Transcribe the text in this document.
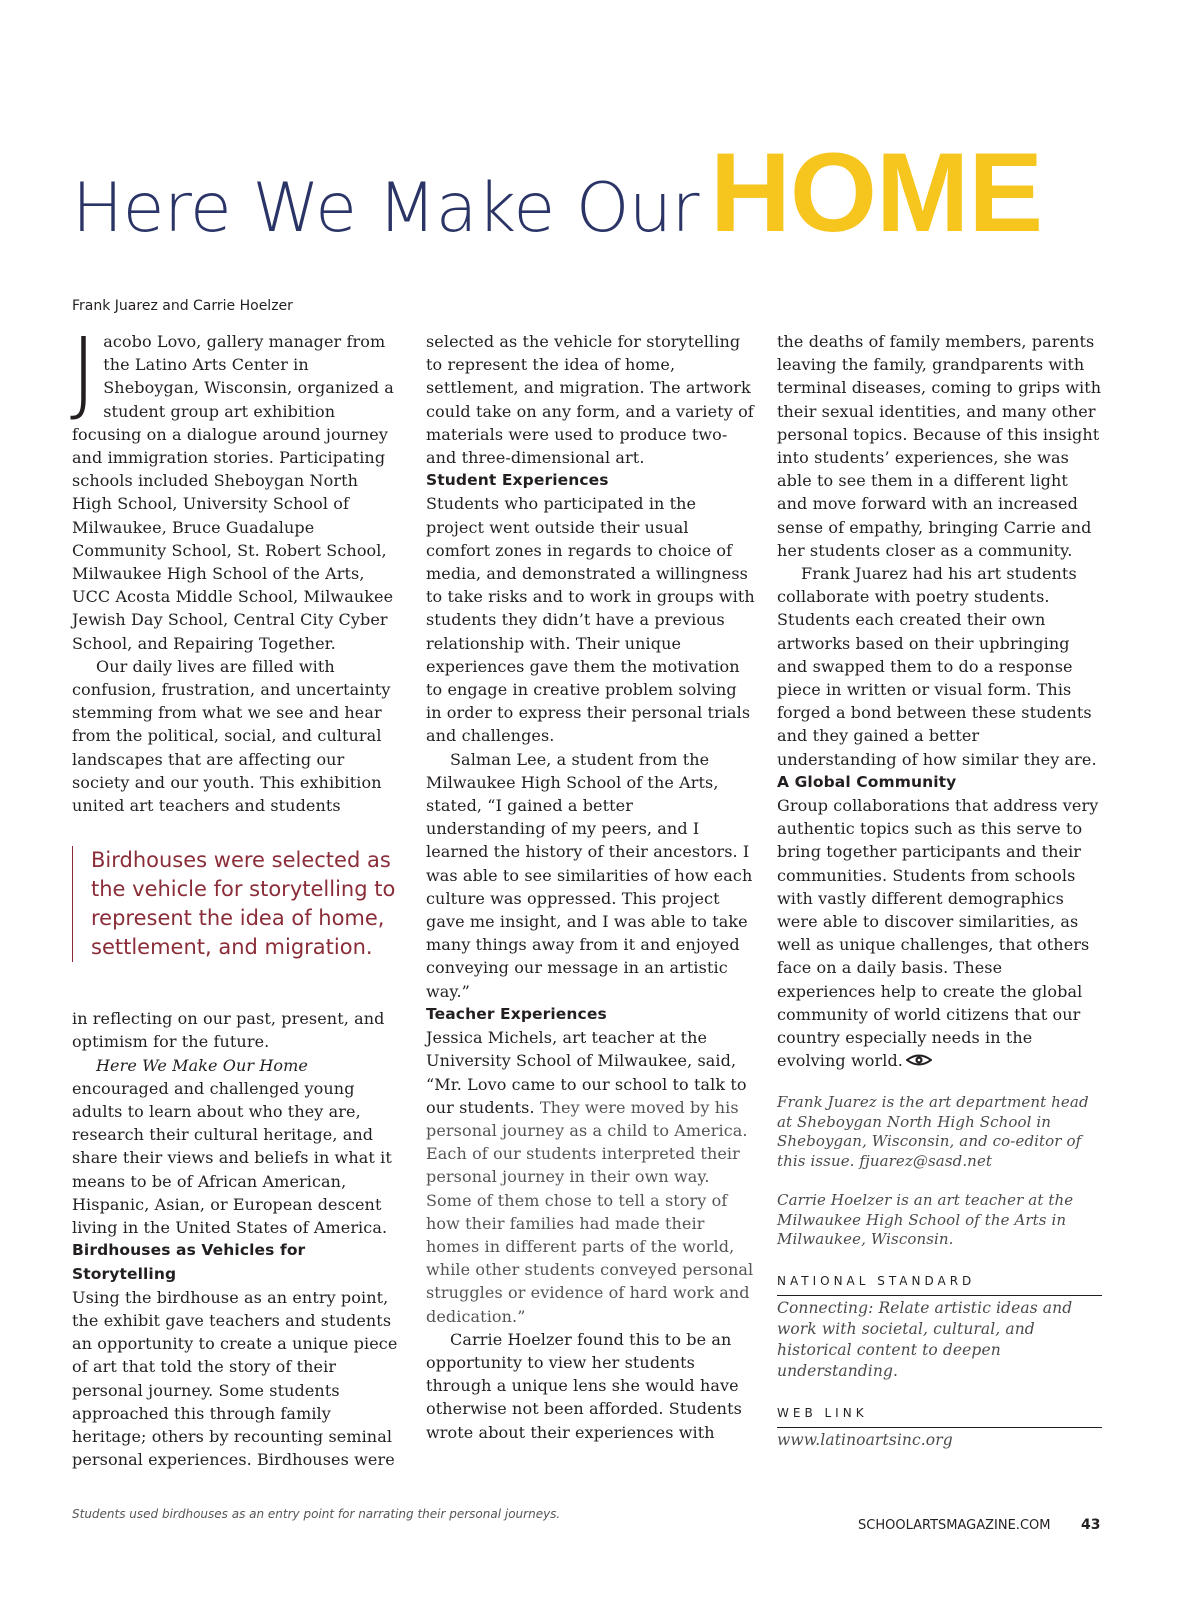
Here We Make Our HOME
Frank Juarez and Carrie Hoelzer

Jacobo Lovo, gallery manager from the Latino Arts Center in Sheboygan, Wisconsin, organized a student group art exhibition focusing on a dialogue around journey and immigration stories. Participating schools included Sheboygan North High School, University School of Milwaukee, Bruce Guadalupe Community School, St. Robert School, Milwaukee High School of the Arts, UCC Acosta Middle School, Milwaukee Jewish Day School, Central City Cyber School, and Repairing Together.

Our daily lives are filled with confusion, frustration, and uncertainty stemming from what we see and hear from the political, social, and cultural landscapes that are affecting our society and our youth. This exhibition united art teachers and students

in reflecting on our past, present, and optimism for the future.

Here We Make Our Home encouraged and challenged young adults to learn about who they are, research their cultural heritage, and share their views and beliefs in what it means to be of African American, Hispanic, Asian, or European descent living in the United States of America.

Birdhouses as Vehicles for Storytelling

Using the birdhouse as an entry point, the exhibit gave teachers and students an opportunity to create a unique piece of art that told the story of their personal journey. Some students approached this through family heritage; others by recounting seminal personal experiences. Birdhouses were

Birdhouses were selected as the vehicle for storytelling to represent the idea of home, settlement, and migration.

selected as the vehicle for storytelling to represent the idea of home, settlement, and migration. The artwork could take on any form, and a variety of materials were used to produce two- and three-dimensional art.

Student Experiences

Students who participated in the project went outside their usual comfort zones in regards to choice of media, and demonstrated a willingness to take risks and to work in groups with students they didn’t have a previous relationship with. Their unique experiences gave them the motivation to engage in creative problem solving in order to express their personal trials and challenges.

Salman Lee, a student from the Milwaukee High School of the Arts, stated, “I gained a better understanding of my peers, and I learned the history of their ancestors. I was able to see similarities of how each culture was oppressed. This project gave me insight, and I was able to take many things away from it and enjoyed conveying our message in an artistic way.”

Teacher Experiences

Jessica Michels, art teacher at the University School of Milwaukee, said, “Mr. Lovo came to our school to talk to our students. They were moved by his personal journey as a child to America. Each of our students interpreted their personal journey in their own way. Some of them chose to tell a story of how their families had made their homes in different parts of the world, while other students conveyed personal struggles or evidence of hard work and dedication.”

Carrie Hoelzer found this to be an opportunity to view her students through a unique lens she would have otherwise not been afforded. Students wrote about their experiences with

the deaths of family members, parents leaving the family, grandparents with terminal diseases, coming to grips with their sexual identities, and many other personal topics. Because of this insight into students’ experiences, she was able to see them in a different light and move forward with an increased sense of empathy, bringing Carrie and her students closer as a community.

Frank Juarez had his art students collaborate with poetry students. Students each created their own artworks based on their upbringing and swapped them to do a response piece in written or visual form. This forged a bond between these students and they gained a better understanding of how similar they are.

A Global Community

Group collaborations that address very authentic topics such as this serve to bring together participants and their communities. Students from schools with vastly different demographics were able to discover similarities, as well as unique challenges, that others face on a daily basis. These experiences help to create the global community of world citizens that our country especially needs in the evolving world.

Frank Juarez is the art department head at Sheboygan North High School in Sheboygan, Wisconsin, and co-editor of this issue. fjuarez@sasd.net

Carrie Hoelzer is an art teacher at the Milwaukee High School of the Arts in Milwaukee, Wisconsin.

NATIONAL STANDARD

Connecting: Relate artistic ideas and work with societal, cultural, and historical content to deepen understanding.

WEB LINK

www.latinoartsinc.org

Students used birdhouses as an entry point for narrating their personal journeys.
SCHOOLARTSMAGAZINE.COM 43
